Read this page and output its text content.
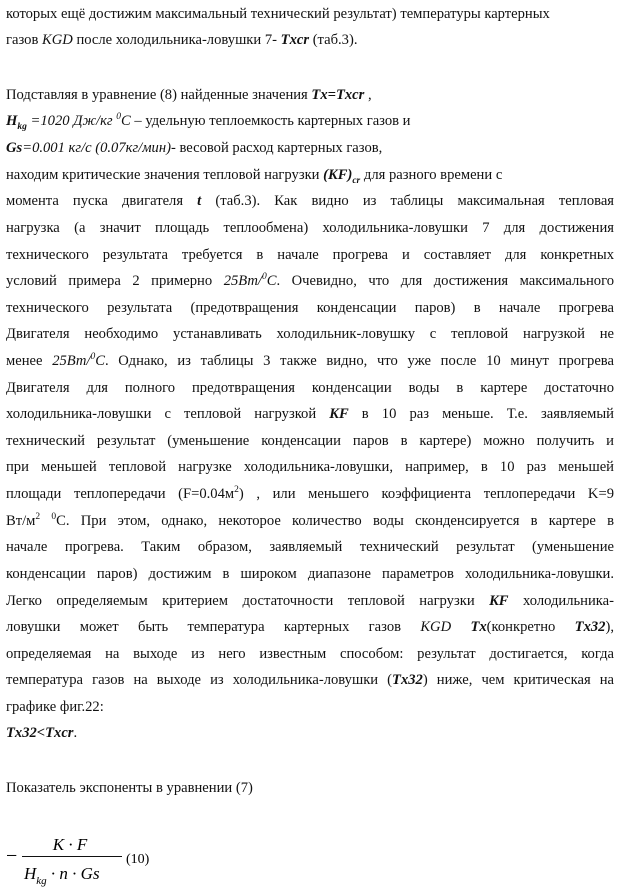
которых ещё достижим максимальный технический результат) температуры картерных
газов KGD после холодильника-ловушки 7- Txcr (таб.3).
Подставляя в уравнение (8) найденные значения Tx=Txcr ,
$H_{kg} =1020$ Дж/кг $^0$C – удельную теплоемкость картерных газов и
Gs=0.001 кг/с (0.07кг/мин)- весовой расход картерных газов,
находим критические значения тепловой нагрузки $(KF)_{cr}$ для разного времени с
момента пуска двигателя t (таб.3). Как видно из таблицы максимальная тепловая
нагрузка (а значит площадь теплообмена) холодильника-ловушки 7 для достижения
технического результата требуется в начале прогрева и составляет для конкретных
условий примера 2 примерно 25Вт/$^0$C. Очевидно, что для достижения максимального
технического результата (предотвращения конденсации паров) в начале прогрева
Двигателя необходимо устанавливать холодильник-ловушку с тепловой нагрузкой не
менее 25Вт/$^0$C. Однако, из таблицы 3 также видно, что уже после 10 минут прогрева
Двигателя для полного предотвращения конденсации воды в картере достаточно
холодильника-ловушки с тепловой нагрузкой KF в 10 раз меньше. Т.е. заявляемый
технический результат (уменьшение конденсации паров в картере) можно получить и
при меньшей тепловой нагрузке холодильника-ловушки, например, в 10 раз меньшей
площади теплопередачи $(F=0.04м^2)$ , или меньшего коэффициента теплопередачи K=9
$Вт/м^2$ $^0$C. При этом, однако, некоторое количество воды сконденсируется в картере в
начале прогрева. Таким образом, заявляемый технический результат (уменьшение
конденсации паров) достижим в широком диапазоне параметров холодильника-ловушки.
Легко определяемым критерием достаточности тепловой нагрузки KF холодильника-
ловушки может быть температура картерных газов KGD Tx(конкретно Tx32),
определяемая на выходе из него известным способом: результат достигается, когда
температура газов на выходе из холодильника-ловушки (Tx32) ниже, чем критическая на
графике фиг.22:
Tx32<Txcr.
Показатель экспоненты в уравнении (7)
−
K · F
$H_{kg} \cdot n \cdot Gs$
(10)
